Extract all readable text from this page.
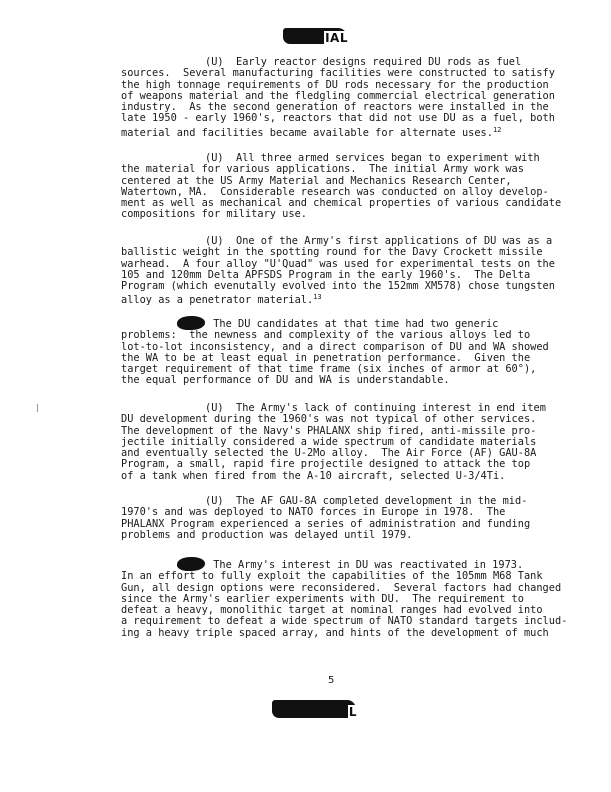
IAL

(U)  Early reactor designs required DU rods as fuel
sources.  Several manufacturing facilities were constructed to satisfy
the high tonnage requirements of DU rods necessary for the production
of weapons material and the fledgling commercial electrical generation
industry.  As the second generation of reactors were installed in the
late 1950 - early 1960's, reactors that did not use DU as a fuel, both
material and facilities became available for alternate uses.$^{12}$

(U)  All three armed services began to experiment with
the material for various applications.  The initial Army work was
centered at the US Army Material and Mechanics Research Center,
Watertown, MA.  Considerable research was conducted on alloy develop-
ment as well as mechanical and chemical properties of various candidate
compositions for military use.

(U)  One of the Army's first applications of DU was as a
ballistic weight in the spotting round for the Davy Crockett missile
warhead.  A four alloy "U'Quad" was used for experimental tests on the
105 and 120mm Delta APFSDS Program in the early 1960's.  The Delta
Program (which evenutally evolved into the 152mm XM578) chose tungsten
alloy as a penetrator material.$^{13}$

The DU candidates at that time had two generic
problems:  the newness and complexity of the various alloys led to
lot-to-lot inconsistency, and a direct comparison of DU and WA showed
the WA to be at least equal in penetration performance.  Given the
target requirement of that time frame (six inches of armor at 60°),
the equal performance of DU and WA is understandable.

(U)  The Army's lack of continuing interest in end item
DU development during the 1960's was not typical of other services.
The development of the Navy's PHALANX ship fired, anti-missile pro-
jectile initially considered a wide spectrum of candidate materials
and eventually selected the U-2Mo alloy.  The Air Force (AF) GAU-8A
Program, a small, rapid fire projectile designed to attack the top
of a tank when fired from the A-10 aircraft, selected U-3/4Ti.

(U)  The AF GAU-8A completed development in the mid-
1970's and was deployed to NATO forces in Europe in 1978.  The
PHALANX Program experienced a series of administration and funding
problems and production was delayed until 1979.

The Army's interest in DU was reactivated in 1973.
In an effort to fully exploit the capabilities of the 105mm M68 Tank
Gun, all design options were reconsidered.  Several factors had changed
since the Army's earlier experiments with DU.  The requirement to
defeat a heavy, monolithic target at nominal ranges had evolved into
a requirement to defeat a wide spectrum of NATO standard targets includ-
ing a heavy triple spaced array, and hints of the development of much

5
L
